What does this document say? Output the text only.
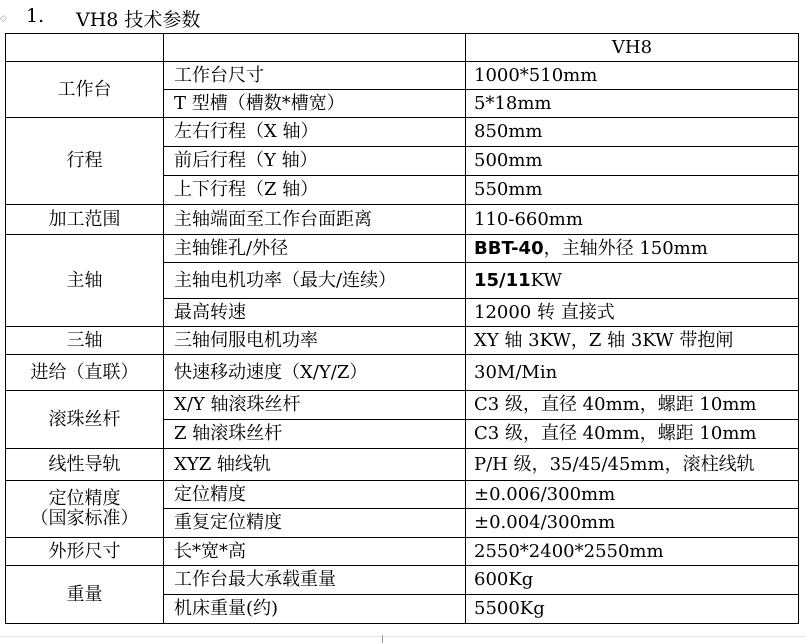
◇ 1. VH8 技术参数
		VH8
工作台	工作台尺寸	1000*510mm
	T 型槽（槽数*槽宽）	5*18mm
行程	左右行程（X 轴）	850mm
	前后行程（Y 轴）	500mm
	上下行程（Z 轴）	550mm
加工范围	主轴端面至工作台面距离	110-660mm
主轴	主轴锥孔/外径	BBT-40，主轴外径 150mm
	主轴电机功率（最大/连续）	15/11KW
	最高转速	12000 转 直接式
三轴	三轴伺服电机功率	XY 轴 3KW，Z 轴 3KW 带抱闸
进给（直联）	快速移动速度（X/Y/Z）	30M/Min
滚珠丝杆	X/Y 轴滚珠丝杆	C3 级，直径 40mm，螺距 10mm
	Z 轴滚珠丝杆	C3 级，直径 40mm，螺距 10mm
线性导轨	XYZ 轴线轨	P/H 级，35/45/45mm，滚柱线轨

定位精度
（国家标准）	定位精度	±0.006/300mm
	重复定位精度	±0.004/300mm
外形尺寸	长*宽*高	2550*2400*2550mm
重量	工作台最大承载重量	600Kg
	机床重量(约)	5500Kg
